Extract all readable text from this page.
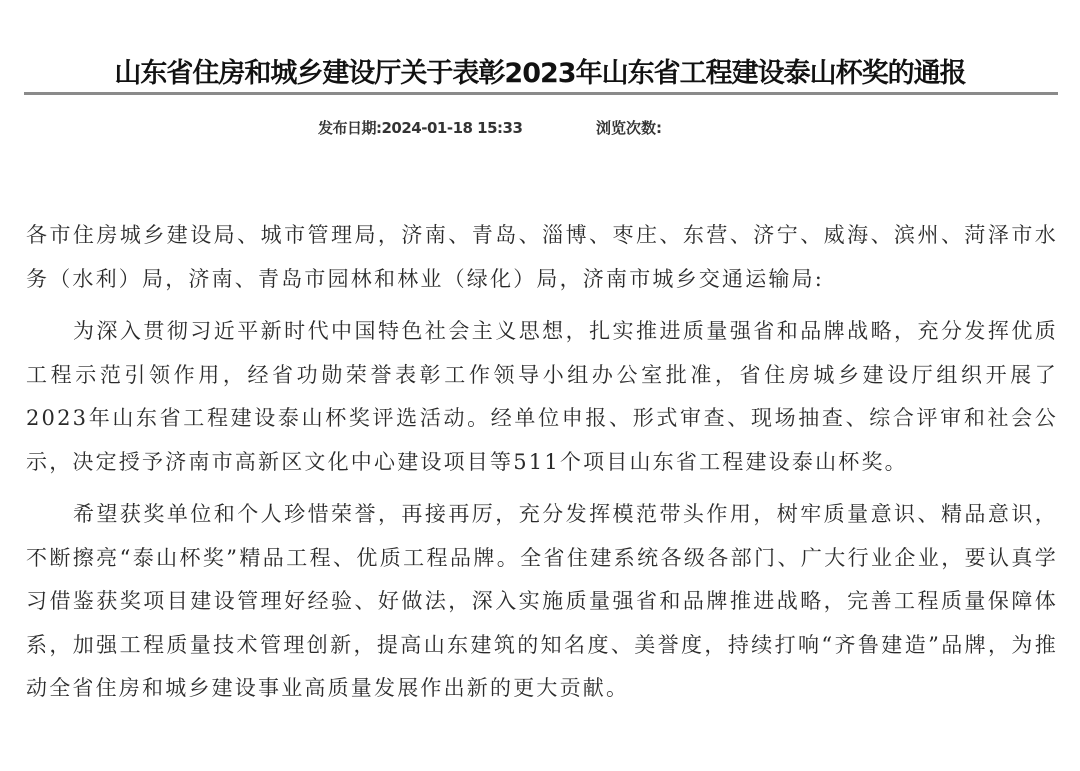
山东省住房和城乡建设厅关于表彰2023年山东省工程建设泰山杯奖的通报
发布日期:2024-01-18 15:33	浏览次数:

各市住房城乡建设局、城市管理局，济南、青岛、淄博、枣庄、东营、济宁、威海、滨州、菏泽市水务（水利）局，济南、青岛市园林和林业（绿化）局，济南市城乡交通运输局:

为深入贯彻习近平新时代中国特色社会主义思想，扎实推进质量强省和品牌战略，充分发挥优质工程示范引领作用，经省功勋荣誉表彰工作领导小组办公室批准，省住房城乡建设厅组织开展了2023年山东省工程建设泰山杯奖评选活动。经单位申报、形式审查、现场抽查、综合评审和社会公示，决定授予济南市高新区文化中心建设项目等511个项目山东省工程建设泰山杯奖。

希望获奖单位和个人珍惜荣誉，再接再厉，充分发挥模范带头作用，树牢质量意识、精品意识，不断擦亮“泰山杯奖”精品工程、优质工程品牌。全省住建系统各级各部门、广大行业企业，要认真学习借鉴获奖项目建设管理好经验、好做法，深入实施质量强省和品牌推进战略，完善工程质量保障体系，加强工程质量技术管理创新，提高山东建筑的知名度、美誉度，持续打响“齐鲁建造”品牌，为推动全省住房和城乡建设事业高质量发展作出新的更大贡献。
